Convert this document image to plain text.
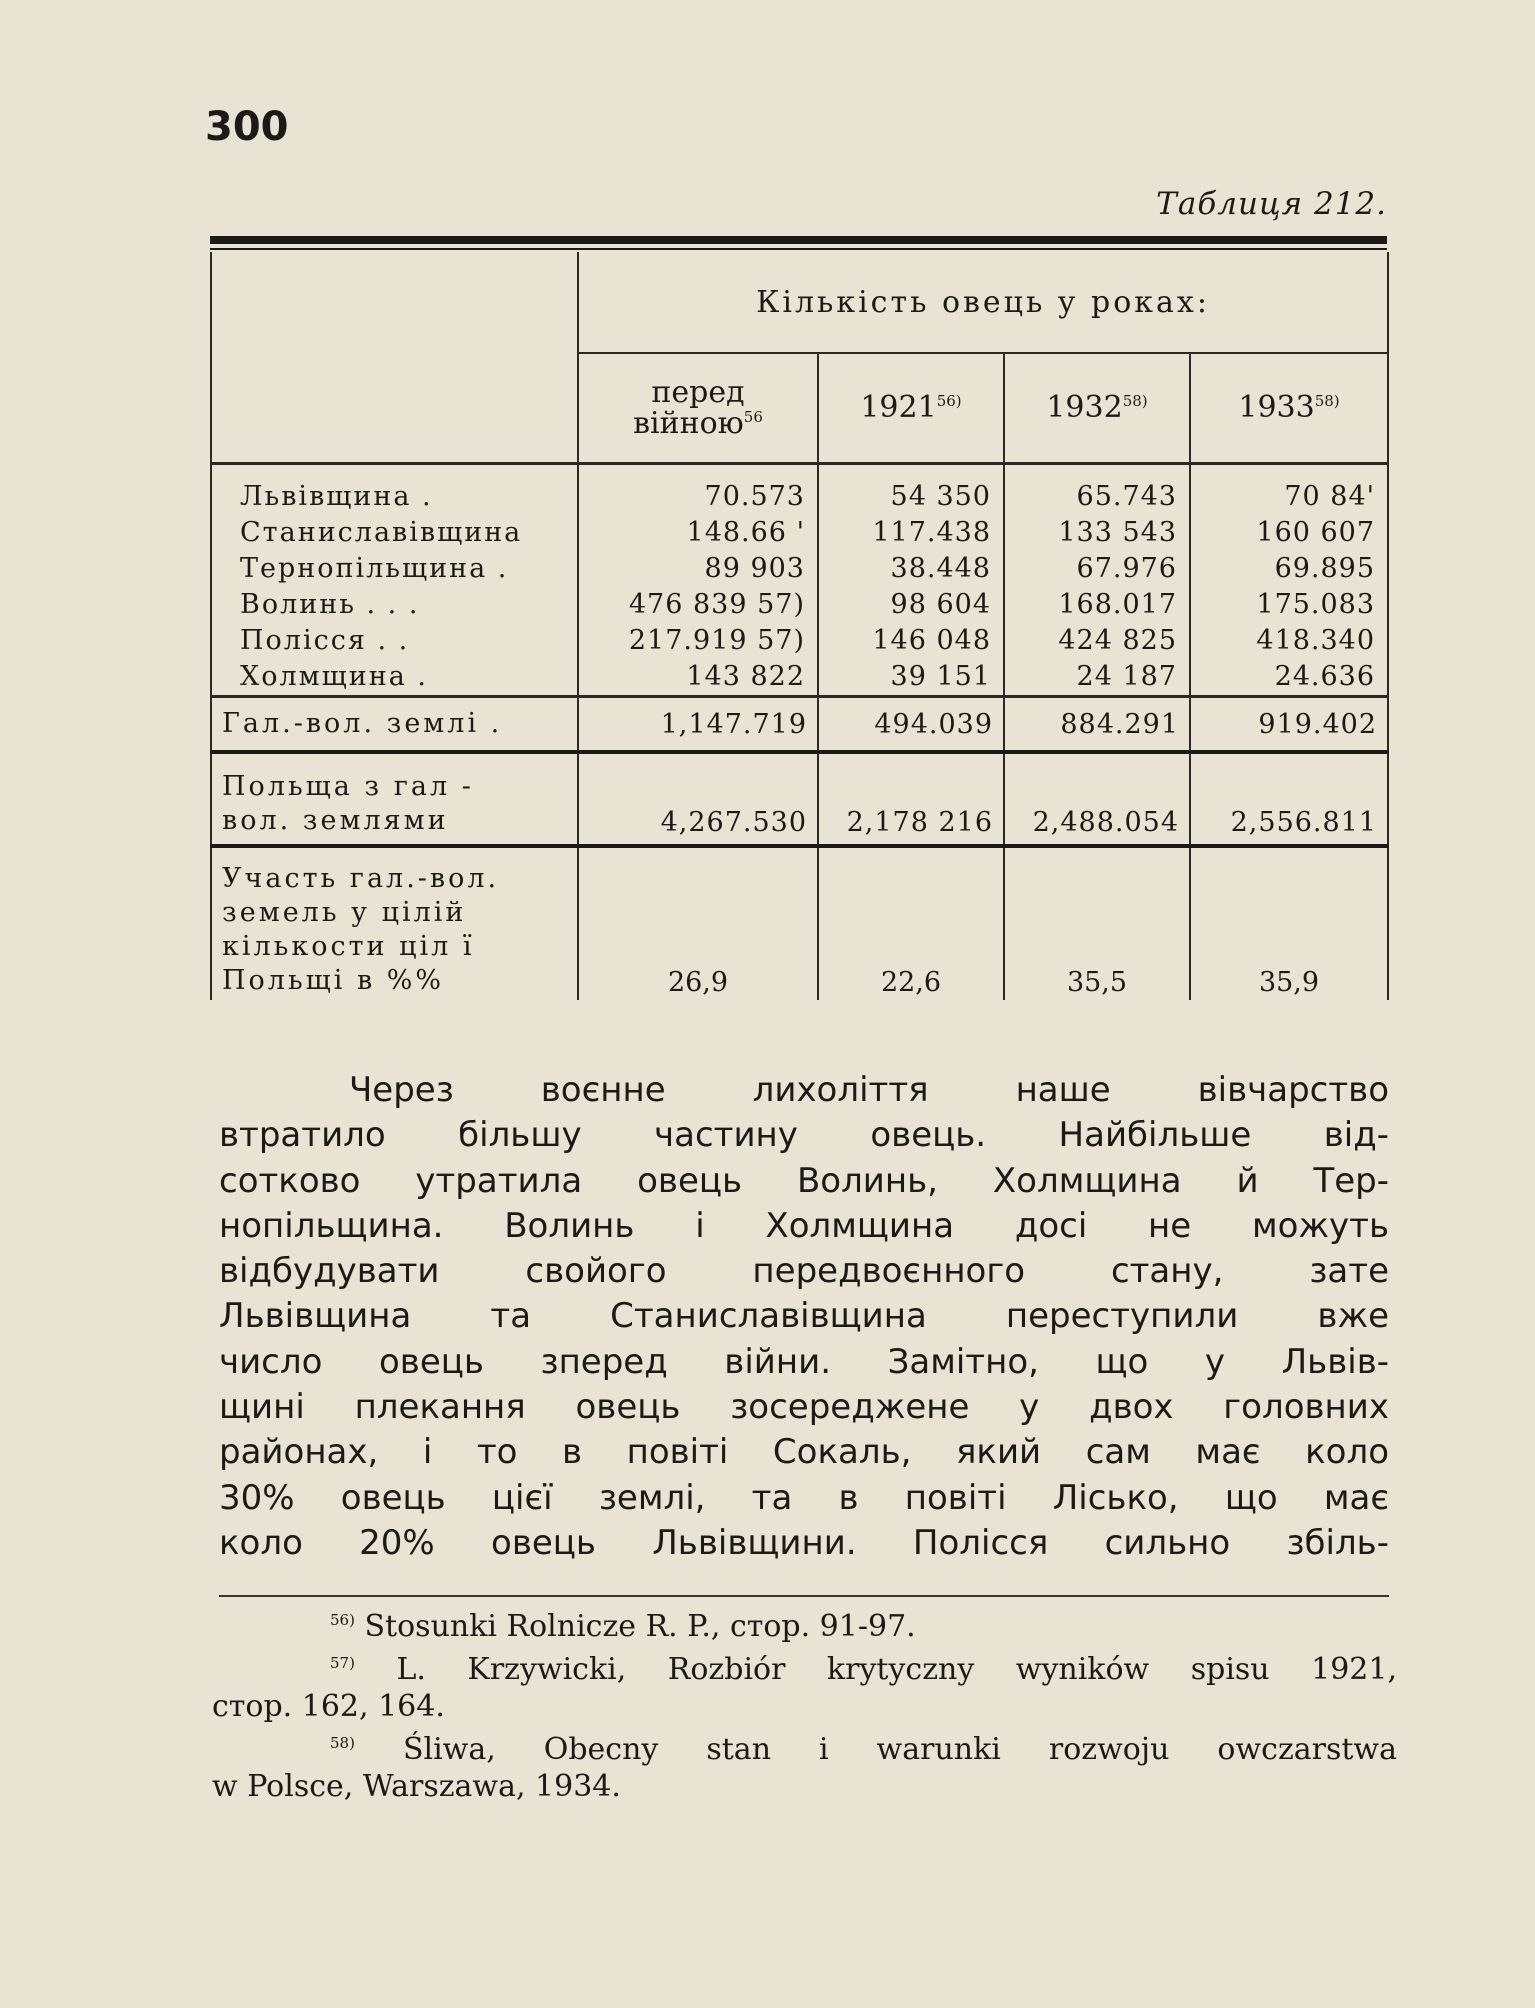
300
Таблиця 212.
	Кількість овець у роках:			
	перед
війною$^{56}$	1921$^{56)}$	1932$^{58)}$	1933$^{58)}$
Львівщина .	70.573	54 350	65.743	70 84'
Станиславівщина	148.66 '	117.438	133 543	160 607
Тернопільщина .	89 903	38.448	67.976	69.895
Волинь . . .	476 839 57)	98 604	168.017	175.083
Полісся . .	217.919 57)	146 048	424 825	418.340
Холмщина .	143 822	39 151	24 187	24.636
Гал.-вол. землі .	1,147.719	494.039	884.291	919.402
Польща з гал -
вол. землями	4,267.530	2,178 216	2,488.054	2,556.811
Участь гал.-вол.
земель у цілій
кількости ціл ї
Польщі в %%	26,9	22,6	35,5	35,9
Через воєнне лихоліття наше вівчарство
втратило більшу частину овець. Найбільше від-
сотково утратила овець Волинь, Холмщина й Тер-
нопільщина. Волинь і Холмщина досі не можуть
відбудувати свойого передвоєнного стану, зате
Львівщина та Станиславівщина переступили вже
число овець зперед війни. Замітно, що у Львів-
щині плекання овець зосереджене у двох головних
районах, і то в повіті Сокаль, який сам має коло
30% овець цієї землі, та в повіті Лісько, що має
коло 20% овець Львівщини. Полісся сильно збіль-
$^{56)}$ Stosunki Rolnicze R. P., стор. 91-97.
$^{57)}$ L. Krzywicki, Rozbiór krytyczny wyników spisu 1921,
стор. 162, 164.
$^{58)}$ Śliwa, Obecny stan i warunki rozwoju owczarstwa
w Polsce, Warszawa, 1934.
